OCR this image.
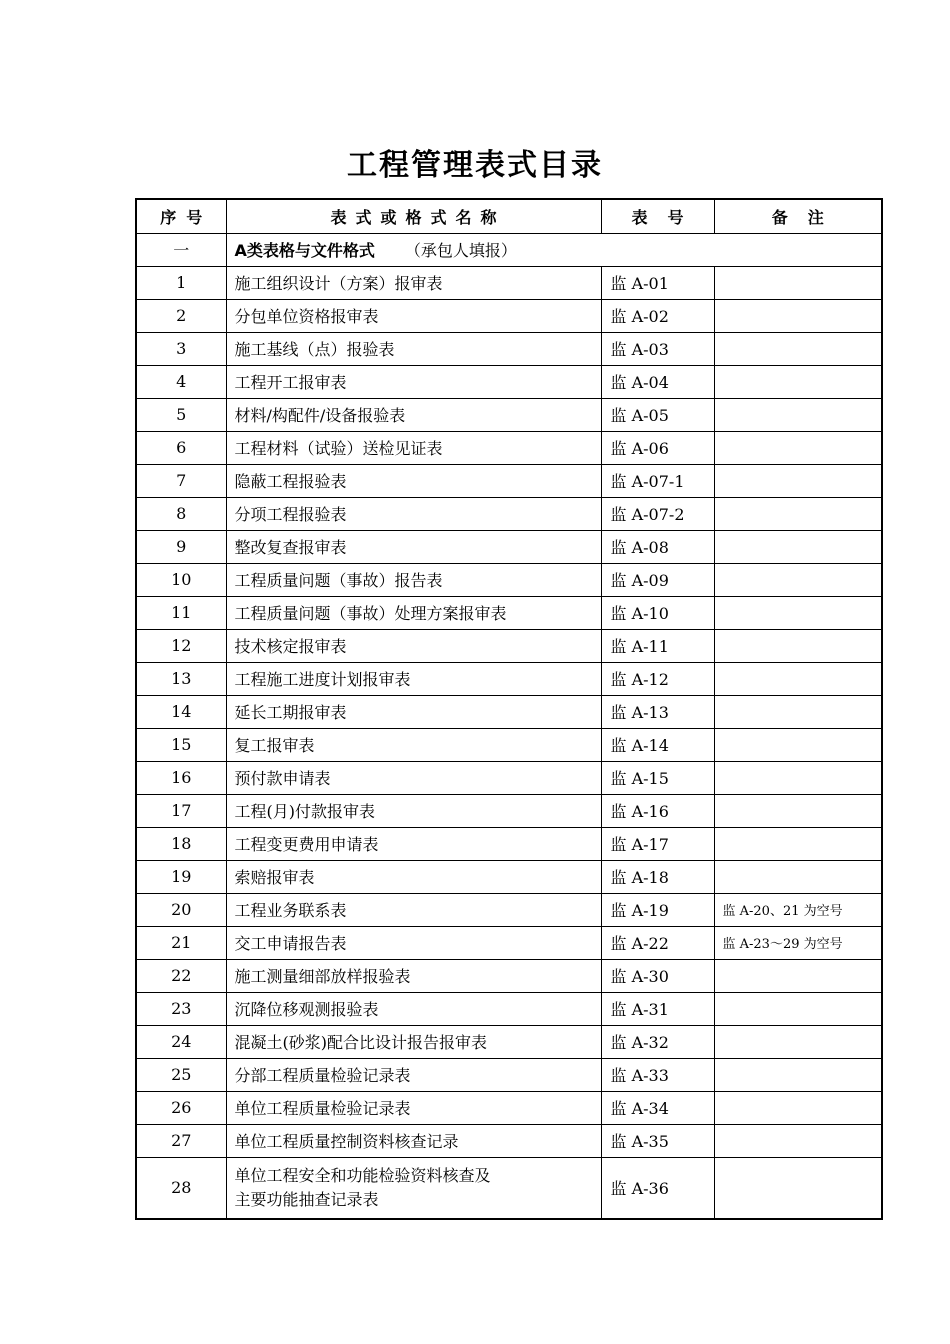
工程管理表式目录
序号	表式或格式名称	表号	备注
一	A类表格与文件格式 （承包人填报）		
1	施工组织设计（方案）报审表	监 A-01	
2	分包单位资格报审表	监 A-02	
3	施工基线（点）报验表	监 A-03	
4	工程开工报审表	监 A-04	
5	材料/构配件/设备报验表	监 A-05	
6	工程材料（试验）送检见证表	监 A-06	
7	隐蔽工程报验表	监 A-07-1	
8	分项工程报验表	监 A-07-2	
9	整改复查报审表	监 A-08	
10	工程质量问题（事故）报告表	监 A-09	
11	工程质量问题（事故）处理方案报审表	监 A-10	
12	技术核定报审表	监 A-11	
13	工程施工进度计划报审表	监 A-12	
14	延长工期报审表	监 A-13	
15	复工报审表	监 A-14	
16	预付款申请表	监 A-15	
17	工程(月)付款报审表	监 A-16	
18	工程变更费用申请表	监 A-17	
19	索赔报审表	监 A-18	
20	工程业务联系表	监 A-19	监 A-20、21 为空号
21	交工申请报告表	监 A-22	监 A-23～29 为空号
22	施工测量细部放样报验表	监 A-30	
23	沉降位移观测报验表	监 A-31	
24	混凝土(砂浆)配合比设计报告报审表	监 A-32	
25	分部工程质量检验记录表	监 A-33	
26	单位工程质量检验记录表	监 A-34	
27	单位工程质量控制资料核查记录	监 A-35	
28	单位工程安全和功能检验资料核查及
主要功能抽查记录表	监 A-36	
